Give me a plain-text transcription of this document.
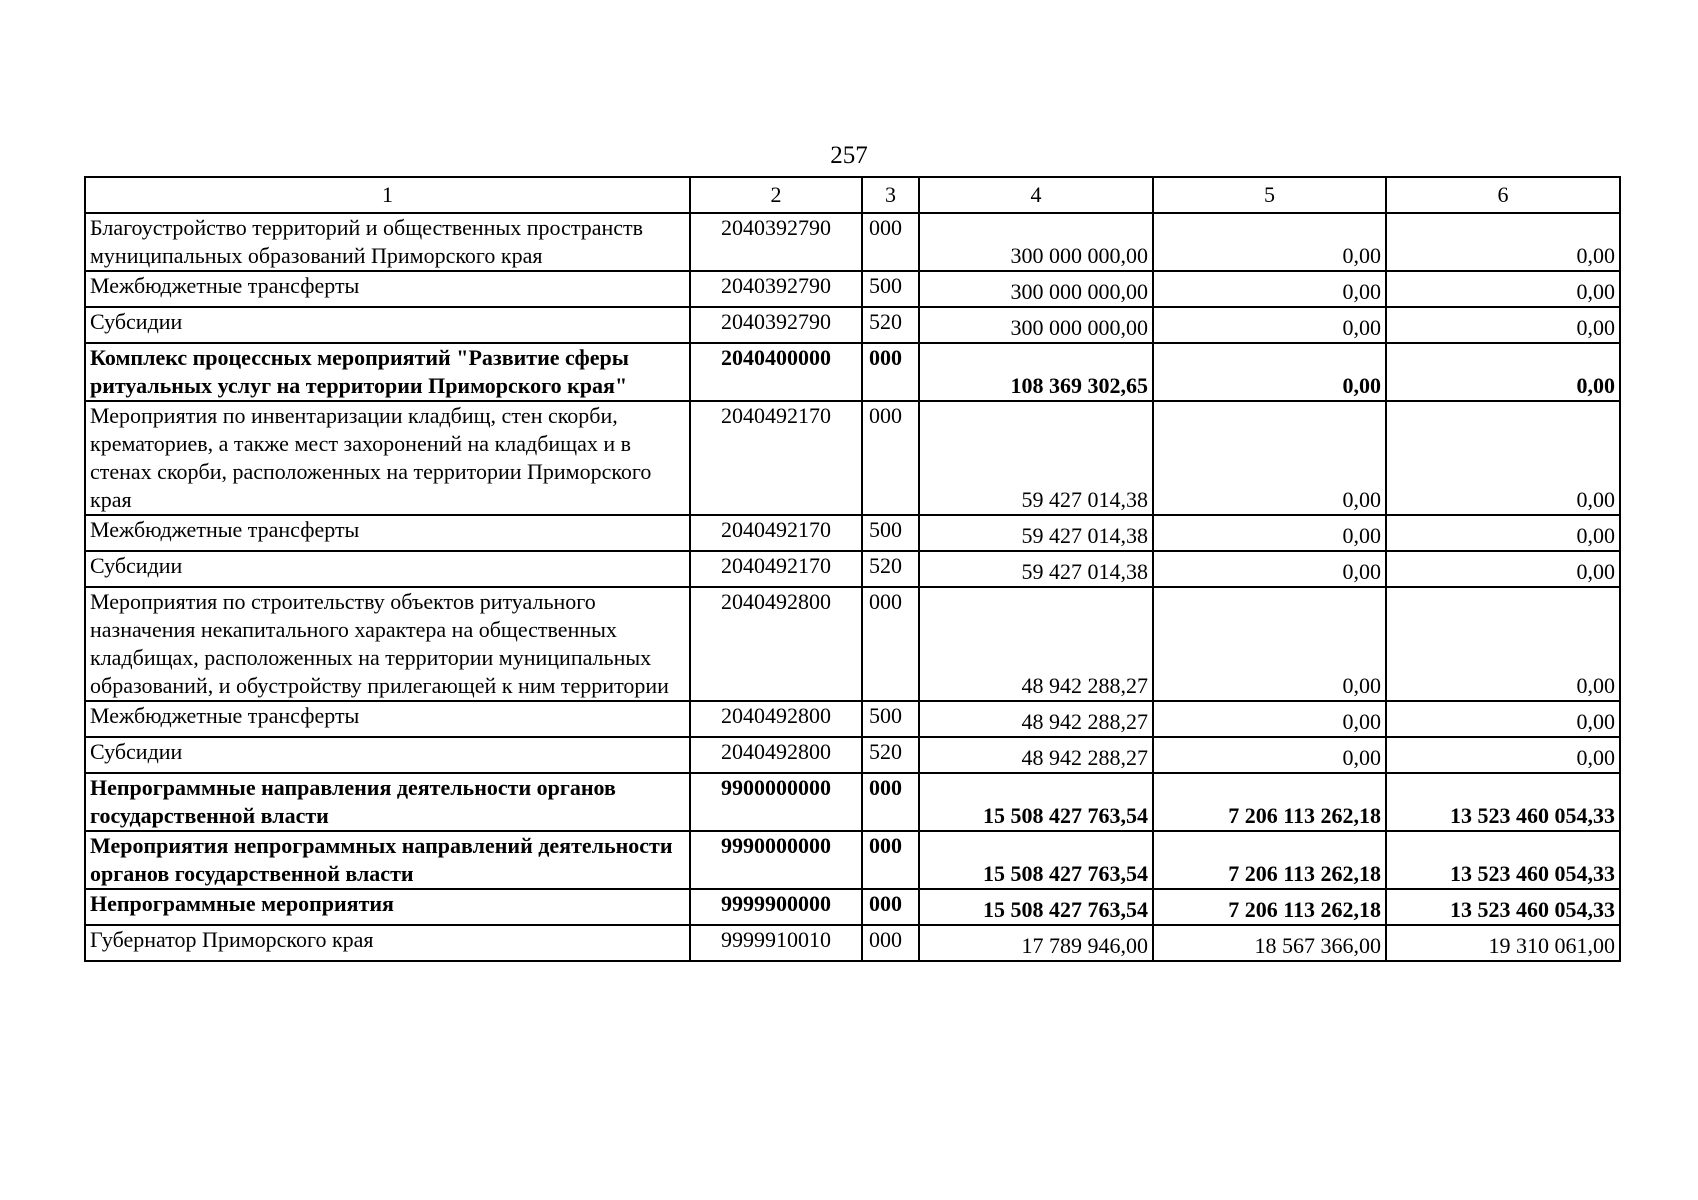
257
1	2	3	4	5	6
Благоустройство территорий и общественных пространств муниципальных образований Приморского края	2040392790	000	300 000 000,00	0,00	0,00
Межбюджетные трансферты	2040392790	500	300 000 000,00	0,00	0,00
Субсидии	2040392790	520	300 000 000,00	0,00	0,00
Комплекс процессных мероприятий "Развитие сферы ритуальных услуг на территории Приморского края"	2040400000	000	108 369 302,65	0,00	0,00
Мероприятия по инвентаризации кладбищ, стен скорби, крематориев, а также мест захоронений на кладбищах и в стенах скорби, расположенных на территории Приморского края	2040492170	000	59 427 014,38	0,00	0,00
Межбюджетные трансферты	2040492170	500	59 427 014,38	0,00	0,00
Субсидии	2040492170	520	59 427 014,38	0,00	0,00
Мероприятия по строительству объектов ритуального назначения некапитального характера на общественных кладбищах, расположенных на территории муниципальных образований, и обустройству прилегающей к ним территории	2040492800	000	48 942 288,27	0,00	0,00
Межбюджетные трансферты	2040492800	500	48 942 288,27	0,00	0,00
Субсидии	2040492800	520	48 942 288,27	0,00	0,00
Непрограммные направления деятельности органов государственной власти	9900000000	000	15 508 427 763,54	7 206 113 262,18	13 523 460 054,33
Мероприятия непрограммных направлений деятельности органов государственной власти	9990000000	000	15 508 427 763,54	7 206 113 262,18	13 523 460 054,33
Непрограммные мероприятия	9999900000	000	15 508 427 763,54	7 206 113 262,18	13 523 460 054,33
Губернатор Приморского края	9999910010	000	17 789 946,00	18 567 366,00	19 310 061,00
